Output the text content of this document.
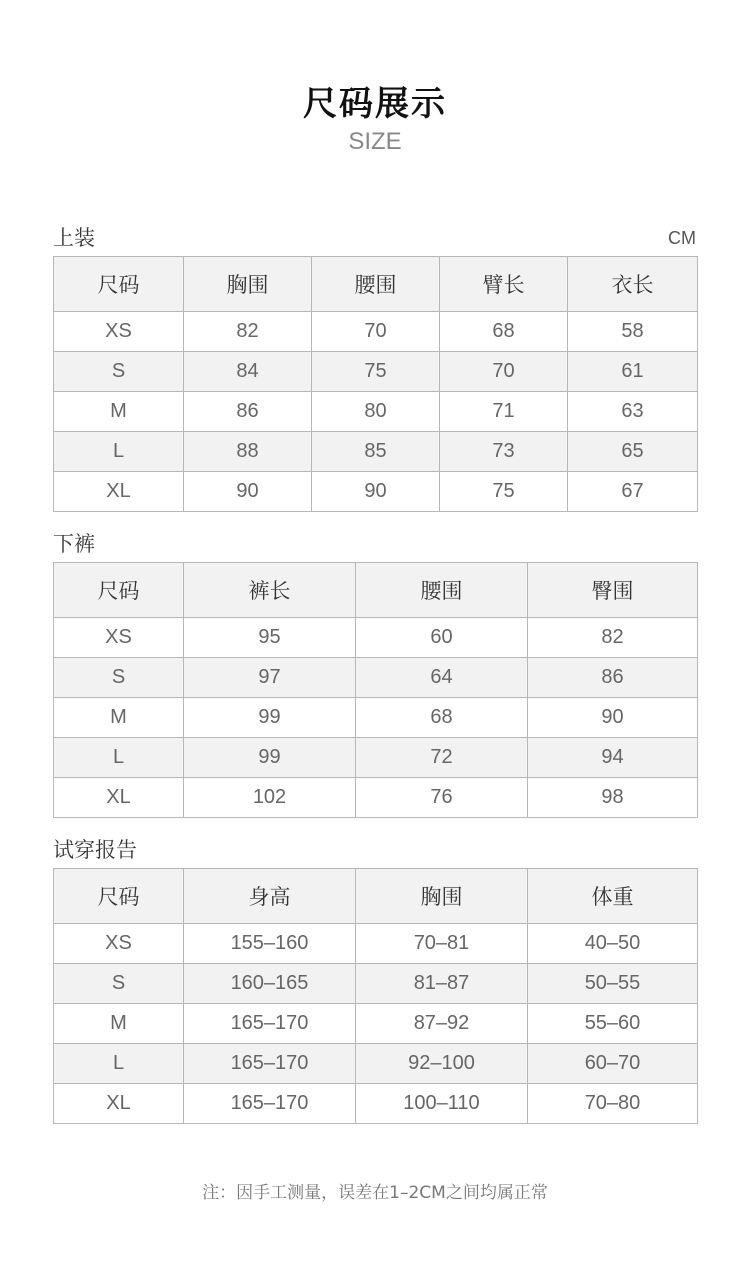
尺码展示
SIZE
上装	CM
尺码	胸围	腰围	臂长	衣长
XS	82	70	68	58
S	84	75	70	61
M	86	80	71	63
L	88	85	73	65
XL	90	90	75	67
下裤
尺码	裤长	腰围	臀围
XS	95	60	82
S	97	64	86
M	99	68	90
L	99	72	94
XL	102	76	98
试穿报告
尺码	身高	胸围	体重
XS	155–160	70–81	40–50
S	160–165	81–87	50–55
M	165–170	87–92	55–60
L	165–170	92–100	60–70
XL	165–170	100–110	70–80
注：因手工测量，误差在1–2CM之间均属正常
